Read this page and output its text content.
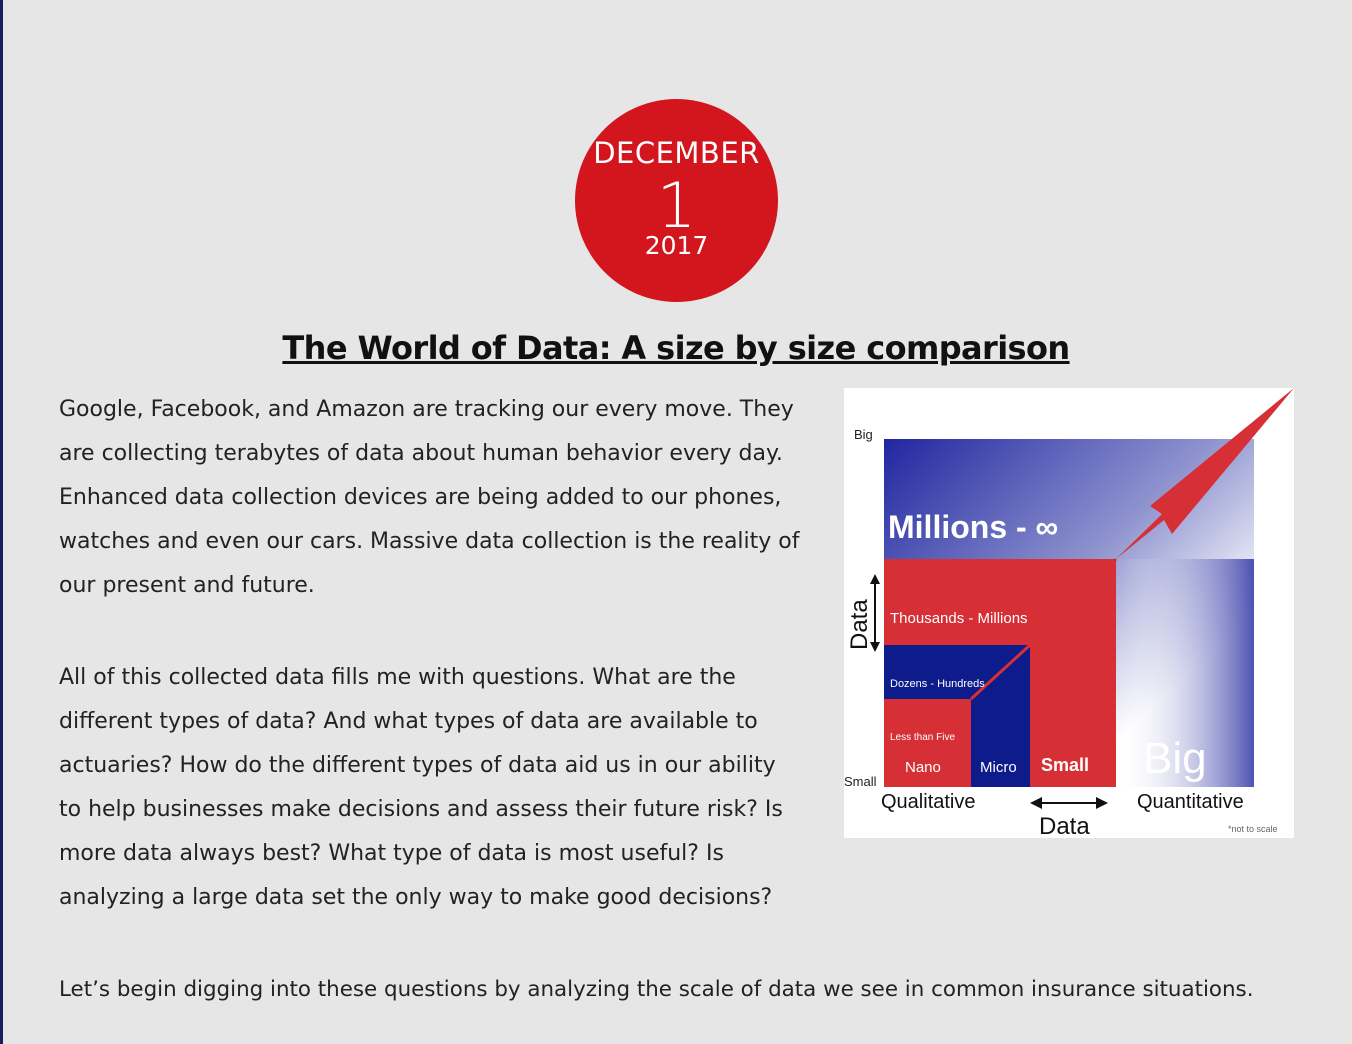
DECEMBER
1
2017
The World of Data: A size by size comparison

Google, Facebook, and Amazon are tracking our every move. They are collecting terabytes of data about human behavior every day. Enhanced data collection devices are being added to our phones, watches and even our cars. Massive data collection is the reality of our present and future.

All of this collected data fills me with questions. What are the different types of data? And what types of data are available to actuaries? How do the different types of data aid us in our ability to help businesses make decisions and assess their future risk? Is more data always best? What type of data is most useful? Is analyzing a large data set the only way to make good decisions?

Let’s begin digging into these questions by analyzing the scale of data we see in common insurance situations.

Big
Small
Data
Millions - ∞
Thousands - Millions
Dozens - Hundreds
Less than Five
Nano	Micro Small Big
Qualitative	Quantitative
Data	*not to scale
